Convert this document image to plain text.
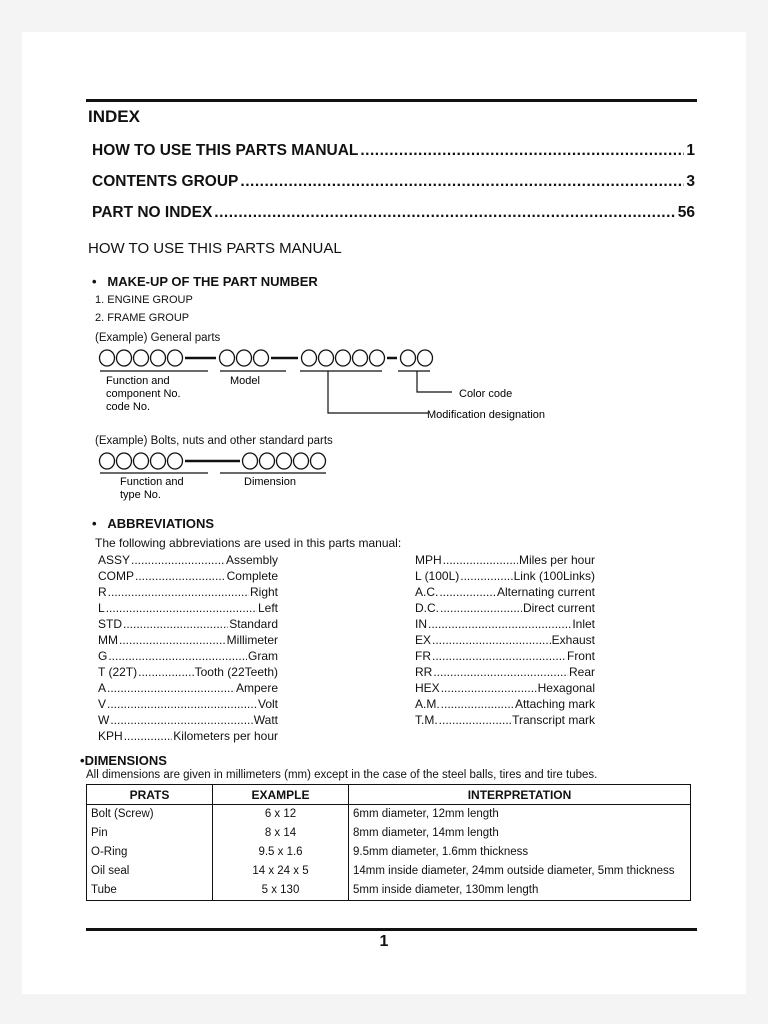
INDEX
HOW TO USE THIS PARTS MANUAL .....	1
CONTENTS GROUP .....	3
PART NO INDEX .....	56
HOW TO USE THIS PARTS MANUAL
•   MAKE-UP OF THE PART NUMBER
1. ENGINE GROUP
2. FRAME GROUP
(Example) General parts
Function and
component No.
code No.
Model
Color code
Modification designation
(Example) Bolts, nuts and other standard parts
Function and
type No.
Dimension
•   ABBREVIATIONS
The following abbreviations are used in this parts manual:
ASSY .....	Assembly
COMP .....	Complete
R .....	Right
L .....	Left
STD .....	Standard
MM .....	Millimeter
G .....	Gram
T (22T) .....	Tooth (22Teeth)
A .....	Ampere
V .....	Volt
W .....	Watt
KPH .....	Kilometers per hour
MPH .....	Miles per hour
L (100L) .....	Link (100Links)
A.C. .....	Alternating current
D.C. .....	Direct current
IN .....	Inlet
EX .....	Exhaust
FR .....	Front
RR .....	Rear
HEX .....	Hexagonal
A.M. .....	Attaching mark
T.M. .....	Transcript mark
•DIMENSIONS
All dimensions are given in millimeters (mm) except in the case of the steel balls, tires and tire tubes.
PRATS	EXAMPLE	INTERPRETATION
Bolt (Screw)	6 x 12	6mm diameter, 12mm length
Pin	8 x 14	8mm diameter, 14mm length
O-Ring	9.5 x 1.6	9.5mm diameter, 1.6mm thickness
Oil seal	14 x 24 x 5	14mm inside diameter, 24mm outside diameter, 5mm thickness
Tube	5 x 130	5mm inside diameter, 130mm length
1
